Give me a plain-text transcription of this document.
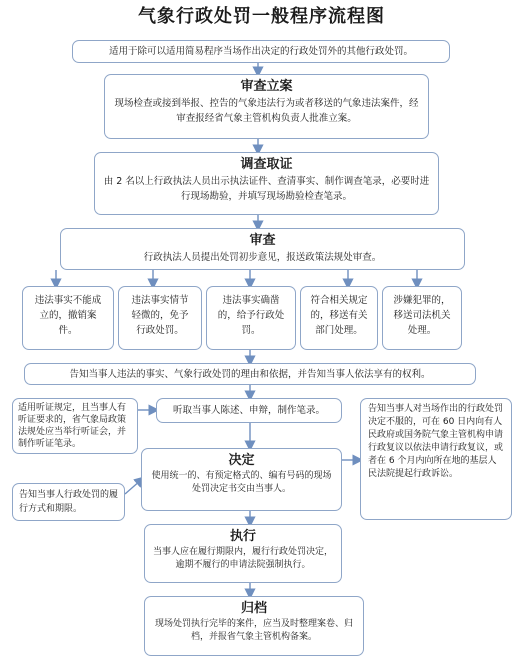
气象行政处罚一般程序流程图
适用于除可以适用简易程序当场作出决定的行政处罚外的其他行政处罚。
审查立案
现场检查或接到举报、控告的气象违法行为或者移送的气象违法案件，经审查报经省气象主管机构负责人批准立案。
调查取证
由 2 名以上行政执法人员出示执法证件、查清事实、制作调查笔录，必要时进行现场勘验，并填写现场勘验检查笔录。
审查
行政执法人员提出处罚初步意见，报送政策法规处审查。
违法事实不能成立的，撤销案件。
违法事实情节轻微的，免予行政处罚。
违法事实确凿的，给予行政处罚。
符合相关规定的，移送有关部门处理。
涉嫌犯罪的，移送司法机关处理。
告知当事人违法的事实、气象行政处罚的理由和依据，并告知当事人依法享有的权利。
适用听证规定，且当事人有听证要求的，省气象局政策法规处应当举行听证会，并制作听证笔录。
听取当事人陈述、申辩，制作笔录。	告知当事人对当场作出的行政处罚决定不服的，可在 60 日内向有人民政府或国务院气象主管机构申请行政复议以依法申请行政复议，或者在 6 个月内向所在地的基层人民法院提起行政诉讼。
决定
使用统一的、有预定格式的、编有号码的现场处罚决定书交由当事人。
告知当事人行政处罚的履行方式和期限。
执行
当事人应在履行期限内，履行行政处罚决定，逾期不履行的申请法院强制执行。
归档
现场处罚执行完毕的案件，应当及时整理案卷、归档，并报省气象主管机构备案。
